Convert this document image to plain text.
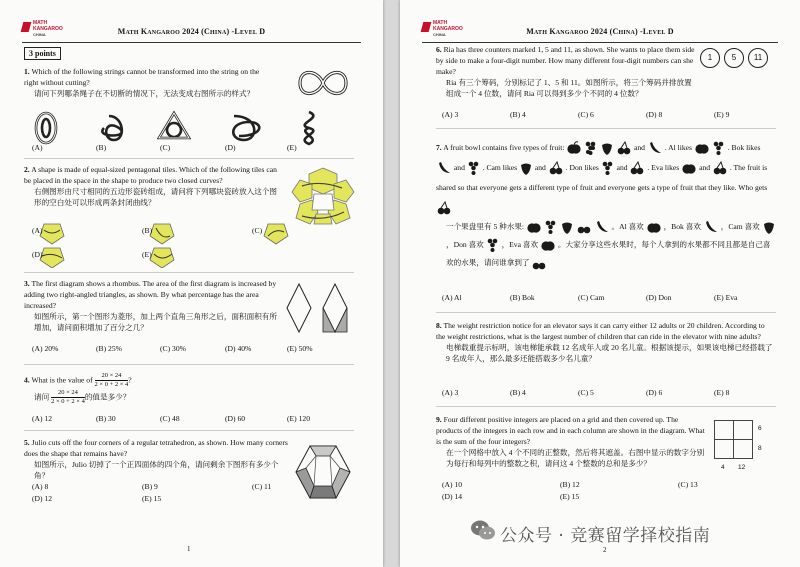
MATH
KANGAROO
CHINA	Math Kangaroo 2024 (China) -Level D
3 points

1. Which of the following strings cannot be transformed into the string on the right without cutting?

请问下列哪条绳子在不切断的情况下，无法变成右图所示的样式？

(A)	(B)	(C)	(D)	(E)

2. A shape is made of equal-sized pentagonal tiles. Which of the following tiles can be placed in the space in the shape to produce two closed curves?

右侧图形由尺寸相同的五边形瓷砖组成，请问将下列哪块瓷砖放入这个图形的空白处可以形成两条封闭曲线？

(A)	(B)	(C)
(D)	(E)

3. The first diagram shows a rhombus. The area of the first diagram is increased by adding two right-angled triangles, as shown. By what percentage has the area increased?

如图所示，第一个图形为菱形，加上两个直角三角形之后，面积面积有所增加，请问面积增加了百分之几？

(A) 20%	(B) 25%	(C) 30%	(D) 40%	(E) 50%

4. What is the value of $\frac{20 \times 24}{2 \times 0 + 2 \times 4}$?

请问 $\frac{20 \times 24}{2 \times 0 + 2 \times 4}$的值是多少？

(A) 12	(B) 30	(C) 48	(D) 60	(E) 120

5. Julio cuts off the four corners of a regular tetrahedron, as shown. How many corners does the shape that remains have?

如图所示，Julio 切掉了一个正四面体的四个角，请问剩余下图形有多少个角？

(A) 8	(B) 9	(C) 11
(D) 12	(E) 15
1
MATH
KANGAROO
CHINA	Math Kangaroo 2024 (China) -Level D

6. Ria has three counters marked 1, 5 and 11, as shown. She wants to place them side by side to make a four-digit number. How many different four-digit numbers can she make?

Ria 有三个筹码，分别标记了 1、5 和 11。如图所示，将三个筹码并排放置组成一个 4 位数，请问 Ria 可以得到多少个不同的 4 位数？

1	5	11
(A) 3	(B) 4	(C) 6	(D) 8	(E) 9

7. A fruit bowl contains five types of fruit:	and	. Al likes	. Bok likes  and . Cam likes and	. Don likes and	. Eva likes	and	. The fruit is shared so that everyone gets a different type of fruit and everyone gets a type of fruit that they like. Who gets

一个果盘里有 5 种水果:	。Al 喜欢	，Bok 喜欢	，Cam 喜欢  ，Don 喜欢 ，Eva 喜欢	。大家分享这些水果时，每个人拿到的水果都不同且都是自己喜欢的水果，请问谁拿到了

(A) Al	(B) Bok	(C) Cam	(D) Don	(E) Eva

8. The weight restriction notice for an elevator says it can carry either 12 adults or 20 children. According to the weight restrictions, what is the largest number of children that can ride in the elevator with nine adults?

电梯载重提示标明，该电梯能承载 12 名成年人或 20 名儿童。根据该提示，如果该电梯已经搭载了 9 名成年人，那么最多还能搭载多少名儿童？

(A) 3	(B) 4	(C) 5	(D) 6	(E) 8

9. Four different positive integers are placed on a grid and then covered up. The products of the integers in each row and in each column are shown in the diagram. What is the sum of the four integers?

在一个网格中放入 4 个不同的正整数，然后将其遮盖。右图中显示的数字分别为每行和每列中的整数之积，请问这 4 个整数的总和是多少？

6
8
4 12
(A) 10	(B) 12	(C) 13
(D) 14	(E) 15
2
公众号 · 竞赛留学择校指南
